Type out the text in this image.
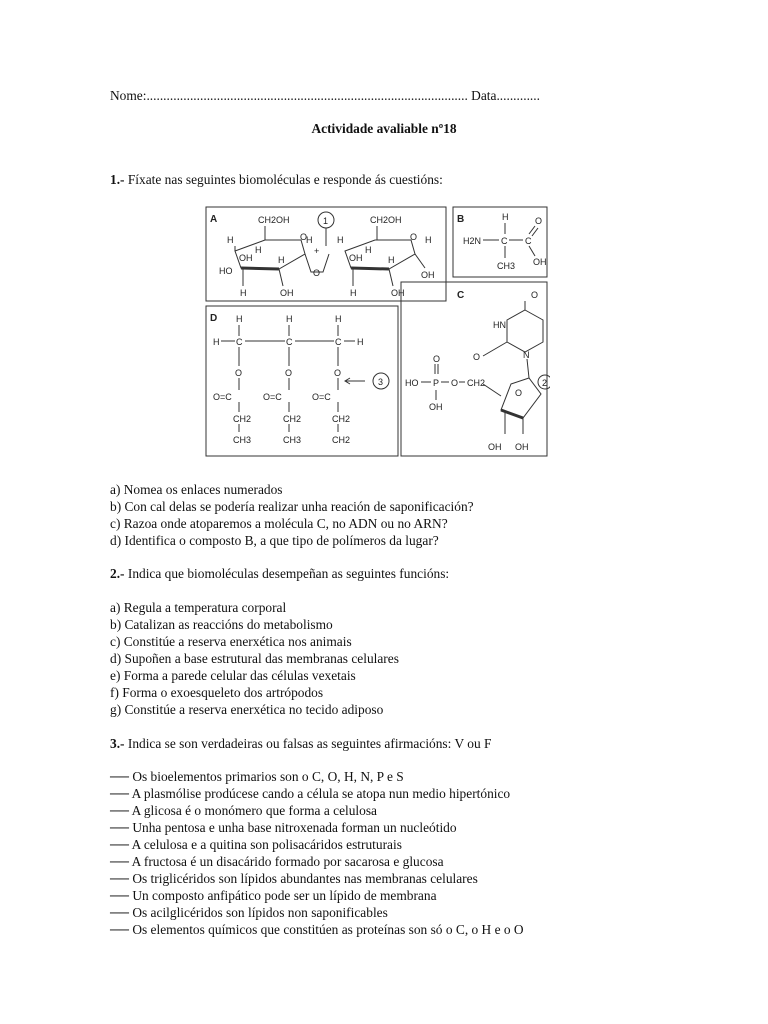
Nome:................................................................................................ Data.............
Actividade avaliable nº18
1.- Fíxate nas seguintes biomoléculas e responde ás cuestións:
A	B
C
D
CH2OH
O
H
H
HO
OH	H
H	OH
H
O
+
1	CH2OH
O
H
H
OH	H
H	OH
H
OH
H
H2N C C
O
OH
CH3
O
HN
O	N
O
OH OH
2
HO P
O
OH
O CH2
H	H	H
H C	C	C H
O	O	O
O=C	O=C	O=C
CH2	CH2	CH2
CH3	CH3	CH2
3
a) Nomea os enlaces numerados
b) Con cal delas se podería realizar unha reación de saponificación?
c) Razoa onde atoparemos a molécula C, no ADN ou no ARN?
d) Identifica o composto B, a que tipo de polímeros da lugar?
2.- Indica que biomoléculas desempeñan as seguintes funcións:
a) Regula a temperatura corporal
b) Catalizan as reaccións do metabolismo
c) Constitúe a reserva enerxética nos animais
d) Supoñen a base estrutural das membranas celulares
e) Forma a parede celular das células vexetais
f) Forma o exoesqueleto dos artrópodos
g) Constitúe a reserva enerxética no tecido adiposo
3.- Indica se son verdadeiras ou falsas as seguintes afirmacións: V ou F
── Os bioelementos primarios son o C, O, H, N, P e S
── A plasmólise prodúcese cando a célula se atopa nun medio hipertónico
── A glicosa é o monómero que forma a celulosa
── Unha pentosa e unha base nitroxenada forman un nucleótido
── A celulosa e a quitina son polisacáridos estruturais
── A fructosa é un disacárido formado por sacarosa e glucosa
── Os triglicéridos son lípidos abundantes nas membranas celulares
── Un composto anfipático pode ser un lípido de membrana
── Os acilglicéridos son lípidos non saponificables
── Os elementos químicos que constitúen as proteínas son só o C, o H e o O
